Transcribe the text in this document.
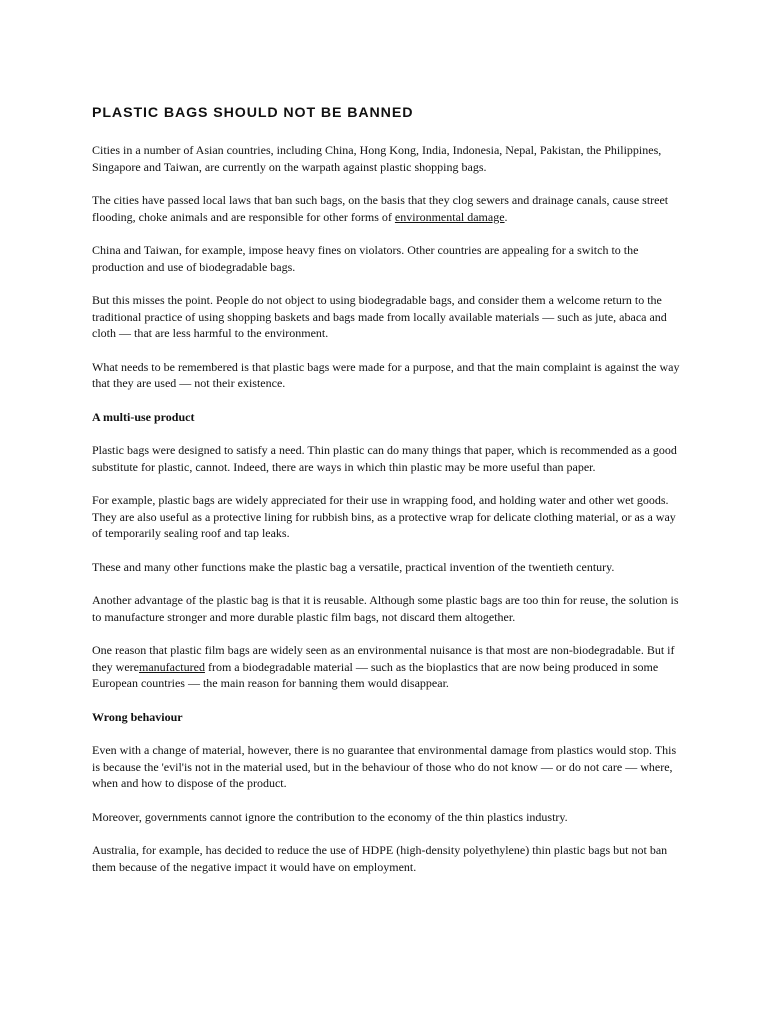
PLASTIC BAGS SHOULD NOT BE BANNED

Cities in a number of Asian countries, including China, Hong Kong, India, Indonesia, Nepal, Pakistan, the Philippines, Singapore and Taiwan, are currently on the warpath against plastic shopping bags.

The cities have passed local laws that ban such bags, on the basis that they clog sewers and drainage canals, cause street flooding, choke animals and are responsible for other forms of environmental damage.

China and Taiwan, for example, impose heavy fines on violators. Other countries are appealing for a switch to the production and use of biodegradable bags.

But this misses the point. People do not object to using biodegradable bags, and consider them a welcome return to the traditional practice of using shopping baskets and bags made from locally available materials — such as jute, abaca and cloth — that are less harmful to the environment.

What needs to be remembered is that plastic bags were made for a purpose, and that the main complaint is against the way that they are used — not their existence.

A multi-use product

Plastic bags were designed to satisfy a need. Thin plastic can do many things that paper, which is recommended as a good substitute for plastic, cannot. Indeed, there are ways in which thin plastic may be more useful than paper.

For example, plastic bags are widely appreciated for their use in wrapping food, and holding water and other wet goods. They are also useful as a protective lining for rubbish bins, as a protective wrap for delicate clothing material, or as a way of temporarily sealing roof and tap leaks.

These and many other functions make the plastic bag a versatile, practical invention of the twentieth century.

Another advantage of the plastic bag is that it is reusable. Although some plastic bags are too thin for reuse, the solution is to manufacture stronger and more durable plastic film bags, not discard them altogether.

One reason that plastic film bags are widely seen as an environmental nuisance is that most are non-biodegradable. But if they weremanufactured from a biodegradable material — such as the bioplastics that are now being produced in some European countries — the main reason for banning them would disappear.

Wrong behaviour

Even with a change of material, however, there is no guarantee that environmental damage from plastics would stop. This is because the 'evil'is not in the material used, but in the behaviour of those who do not know — or do not care — where, when and how to dispose of the product.

Moreover, governments cannot ignore the contribution to the economy of the thin plastics industry.

Australia, for example, has decided to reduce the use of HDPE (high-density polyethylene) thin plastic bags but not ban them because of the negative impact it would have on employment.
